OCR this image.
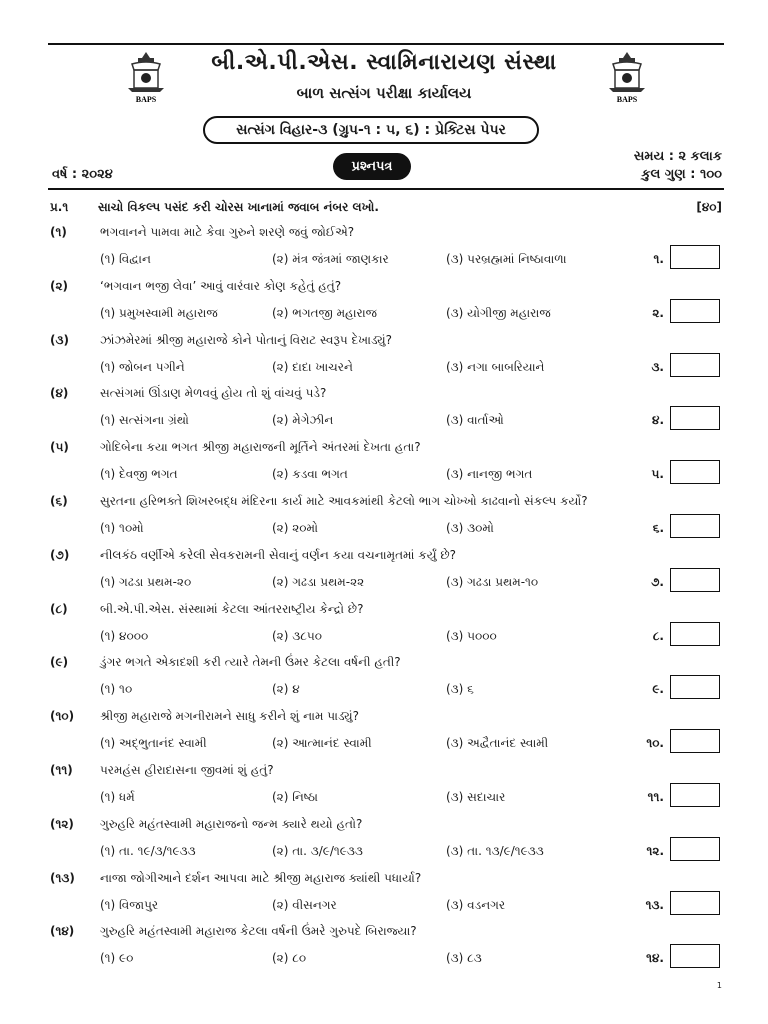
BAPS	BAPS
બી.એ.પી.એસ. સ્વામિનારાયણ સંસ્થા
બાળ સત્સંગ પરીક્ષા કાર્યાલય
સત્સંગ વિહાર-૩ (ગ્રુપ-૧ : ૫, ૬) : પ્રેક્ટિસ પેપર
પ્રશ્નપત્ર
વર્ષ : ૨૦૨૪
સમય : ૨ કલાક
કુલ ગુણ : ૧૦૦
પ્ર.૧ સાચો વિકલ્પ પસંદ કરી ચોરસ ખાનામાં જવાબ નંબર લખો.	[૪૦]
(૧)	ભગવાનને પામવા માટે કેવા ગુરુને શરણે જવું જોઈએ?
(૧) વિદ્વાન	(૨) મંત્ર જંત્રમાં જાણકાર	(૩) પરબ્રહ્મમાં નિષ્ઠાવાળા	૧.
(૨)	‘ભગવાન ભજી લેવા’ આવું વારંવાર કોણ કહેતું હતું?
(૧) પ્રમુખસ્વામી મહારાજ	(૨) ભગતજી મહારાજ	(૩) યોગીજી મહારાજ	૨.
(૩)	ઝાંઝમેરમાં શ્રીજી મહારાજે કોને પોતાનું વિરાટ સ્વરૂપ દેખાડ્યું?
(૧) જોબન પગીને	(૨) દાદા ખાચરને	(૩) નગા બાબરિયાને	૩.
(૪)	સત્સંગમાં ઊંડાણ મેળવવું હોય તો શું વાંચવું પડે?
(૧) સત્સંગના ગ્રંથો	(૨) મેગેઝીન	(૩) વાર્તાઓ	૪.
(૫)	ગોદિબેના કયા ભગત શ્રીજી મહારાજની મૂર્તિને અંતરમાં દેખતા હતા?
(૧) દેવજી ભગત	(૨) કડવા ભગત	(૩) નાનજી ભગત	૫.
(૬)	સુરતના હરિભક્તે શિખરબદ્ધ મંદિરના કાર્ય માટે આવકમાંથી કેટલો ભાગ ચોખ્ખો કાઢવાનો સંકલ્પ કર્યો?
(૧) ૧૦મો	(૨) ૨૦મો	(૩) ૩૦મો	૬.
(૭)	નીલકંઠ વર્ણીએ કરેલી સેવકરામની સેવાનું વર્ણન કયા વચનામૃતમાં કર્યું છે?
(૧) ગઢડા પ્રથમ-૨૦	(૨) ગઢડા પ્રથમ-૨૨	(૩) ગઢડા પ્રથમ-૧૦	૭.
(૮)	બી.એ.પી.એસ. સંસ્થામાં કેટલા આંતરરાષ્ટ્રીય કેન્દ્રો છે?
(૧) ૪૦૦૦	(૨) ૩૮૫૦	(૩) ૫૦૦૦	૮.
(૯)	ડુંગર ભગતે એકાદશી કરી ત્યારે તેમની ઉંમર કેટલા વર્ષની હતી?
(૧) ૧૦	(૨) ૪	(૩) ૬	૯.
(૧૦) શ્રીજી મહારાજે મગનીરામને સાધુ કરીને શું નામ પાડ્યું?
(૧) અદ્ભુતાનંદ સ્વામી	(૨) આત્માનંદ સ્વામી	(૩) અદ્વૈતાનંદ સ્વામી	૧૦.
(૧૧) પરમહંસ હીરાદાસના જીવમાં શું હતું?
(૧) ધર્મ	(૨) નિષ્ઠા	(૩) સદાચાર	૧૧.
(૧૨) ગુરુહરિ મહંતસ્વામી મહારાજનો જન્મ ક્યારે થયો હતો?
(૧) તા. ૧૯/૩/૧૯૩૩	(૨) તા. ૩/૯/૧૯૩૩	(૩) તા. ૧૩/૯/૧૯૩૩	૧૨.
(૧૩) નાજા જોગીઆને દર્શન આપવા માટે શ્રીજી મહારાજ ક્યાંથી પધાર્યા?
(૧) વિજાપુર	(૨) વીસનગર	(૩) વડનગર	૧૩.
(૧૪) ગુરુહરિ મહંતસ્વામી મહારાજ કેટલા વર્ષની ઉંમરે ગુરુપદે બિરાજ્યા?
(૧) ૯૦	(૨) ૮૦	(૩) ૮૩	૧૪.
1
